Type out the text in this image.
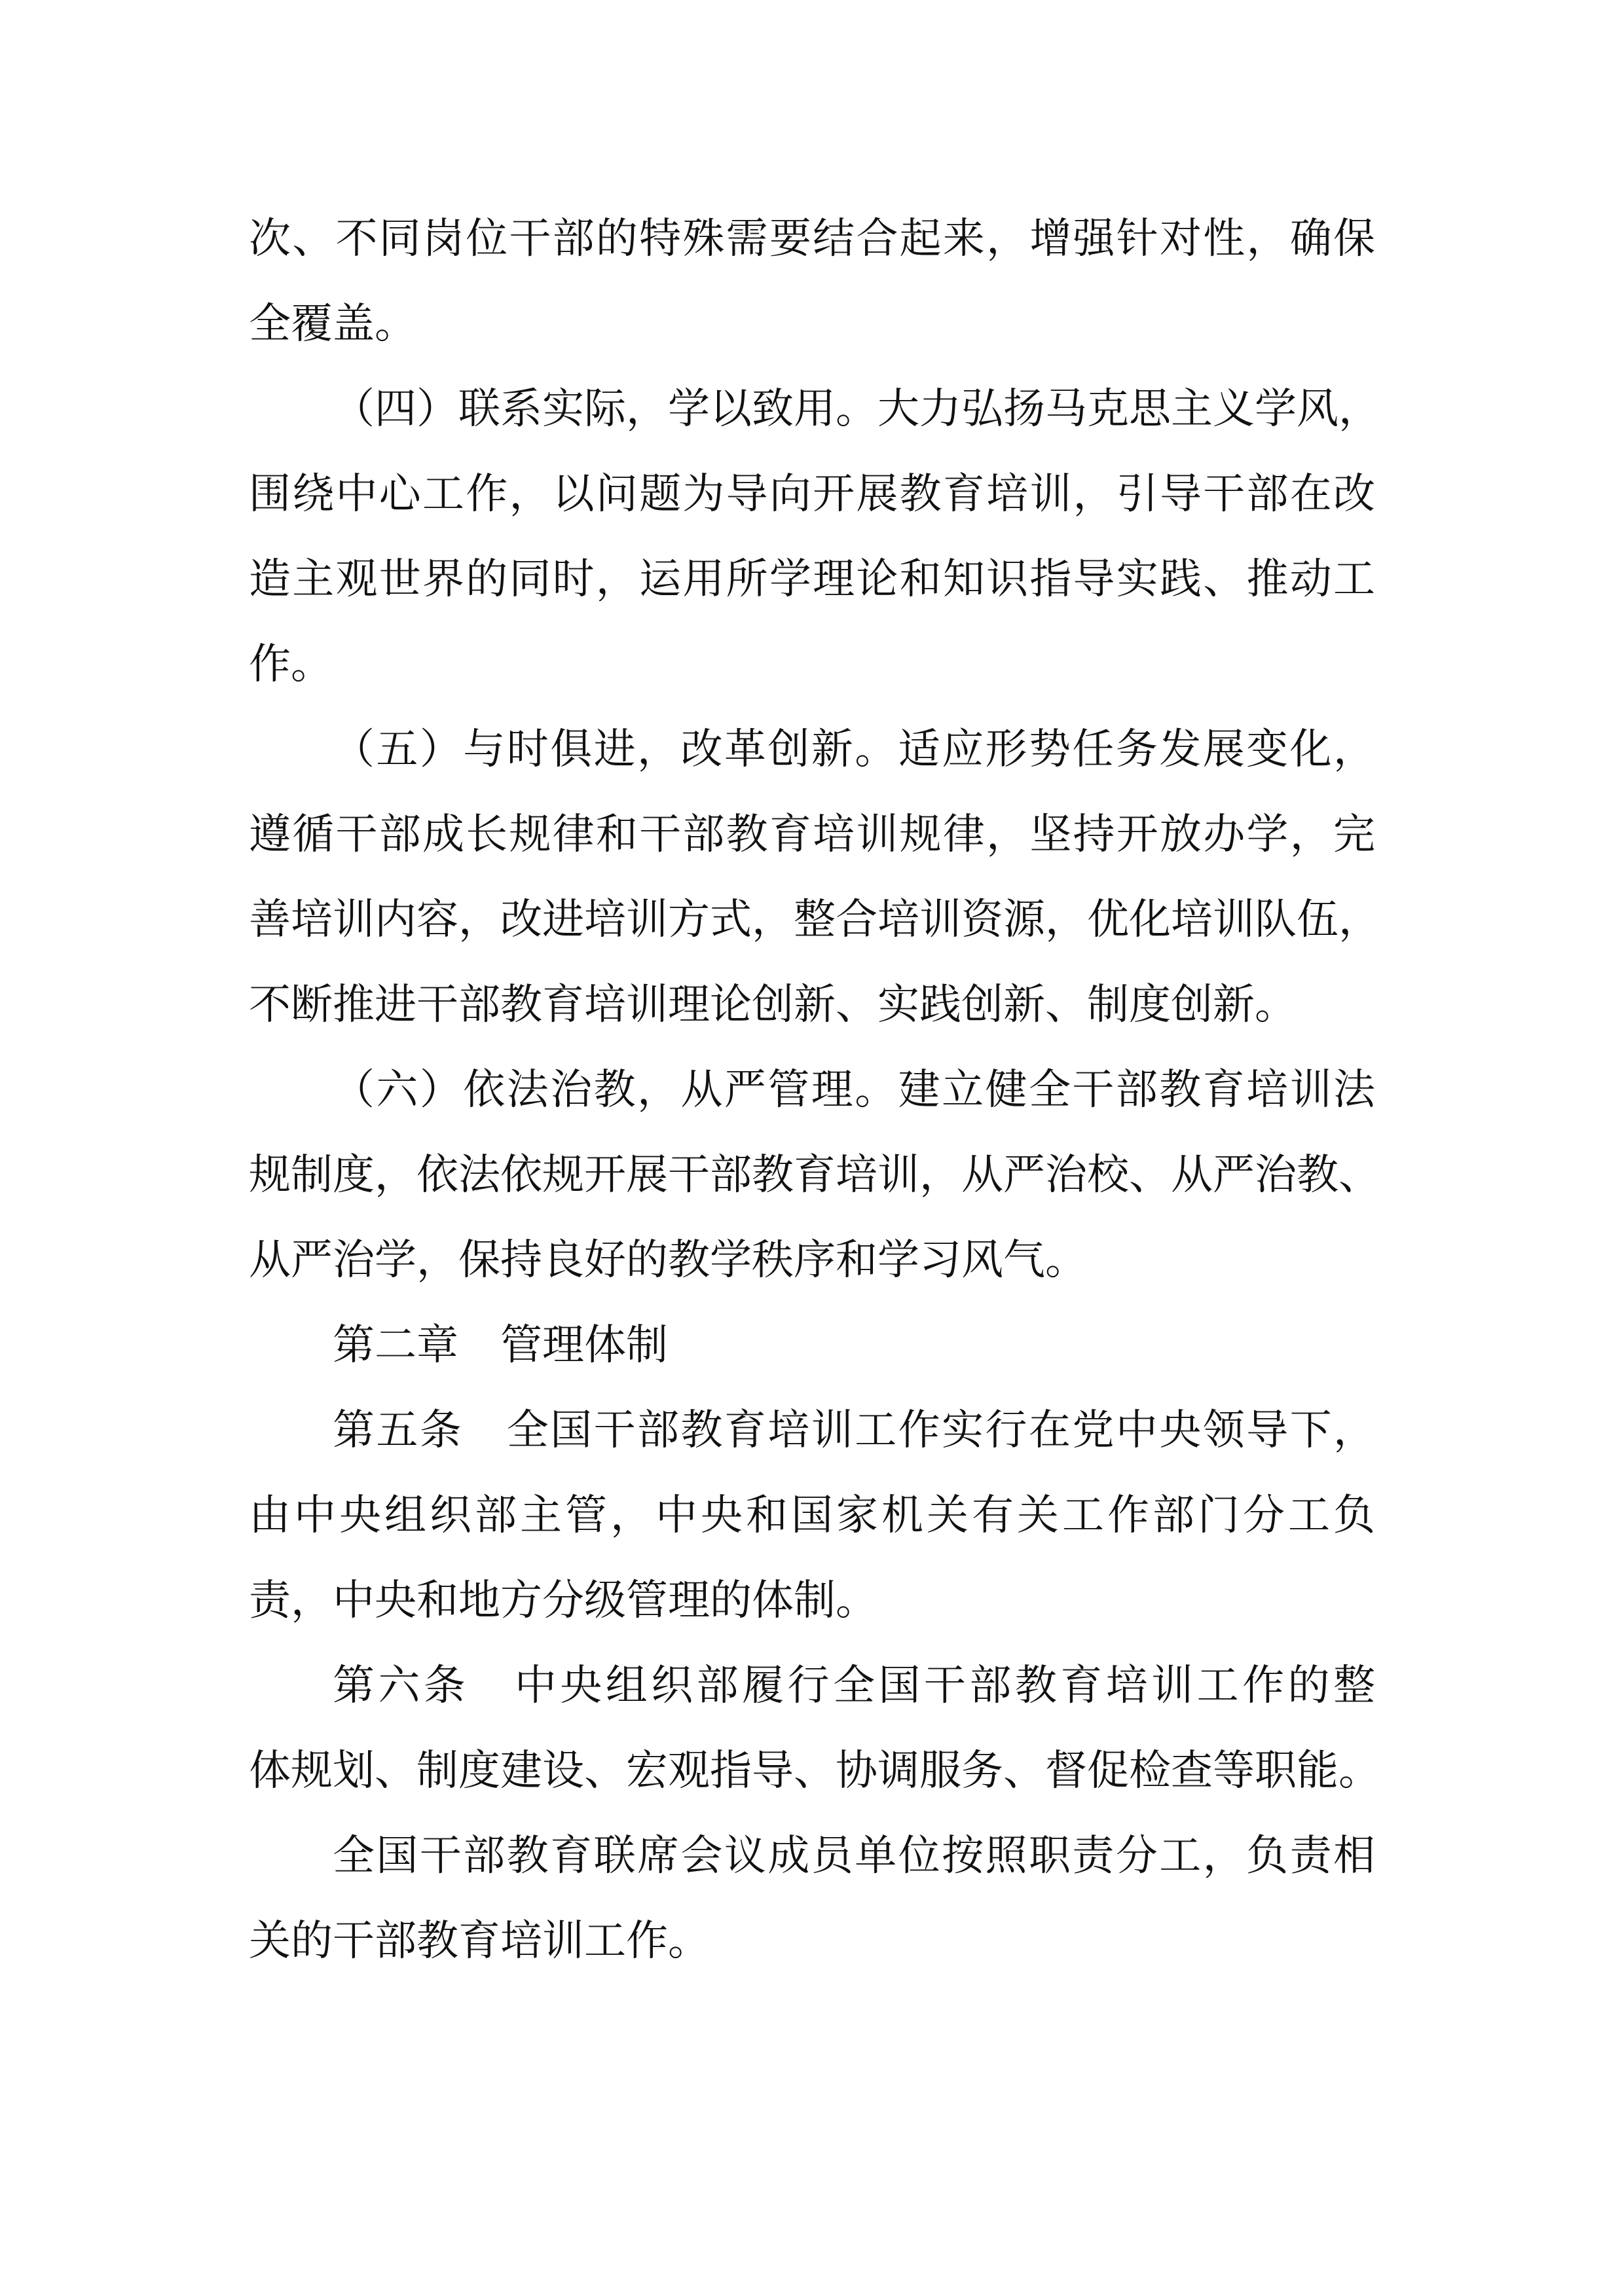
次、不同岗位干部的特殊需要结合起来，增强针对性，确保
全覆盖。
（四）联系实际，学以致用。大力弘扬马克思主义学风，
围绕中心工作，以问题为导向开展教育培训，引导干部在改
造主观世界的同时，运用所学理论和知识指导实践、推动工
作。
（五）与时俱进，改革创新。适应形势任务发展变化，
遵循干部成长规律和干部教育培训规律，坚持开放办学，完
善培训内容，改进培训方式，整合培训资源，优化培训队伍，
不断推进干部教育培训理论创新、实践创新、制度创新。
（六）依法治教，从严管理。建立健全干部教育培训法
规制度，依法依规开展干部教育培训，从严治校、从严治教、
从严治学，保持良好的教学秩序和学习风气。
第二章 管理体制
第五条　全国干部教育培训工作实行在党中央领导下，
由中央组织部主管，中央和国家机关有关工作部门分工负
责，中央和地方分级管理的体制。
第六条　中央组织部履行全国干部教育培训工作的整
体规划、制度建设、宏观指导、协调服务、督促检查等职能。
全国干部教育联席会议成员单位按照职责分工，负责相
关的干部教育培训工作。
